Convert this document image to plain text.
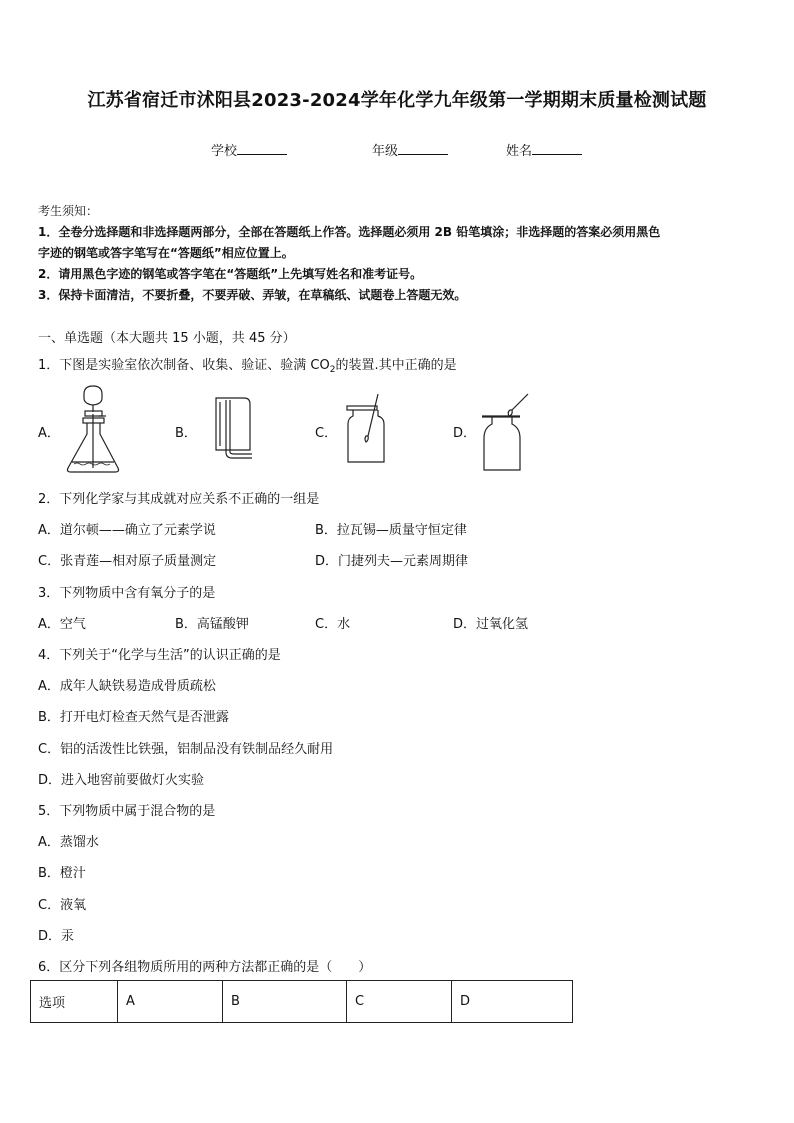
江苏省宿迁市沭阳县2023-2024学年化学九年级第一学期期末质量检测试题
学校	年级	姓名
考生须知：
1．全卷分选择题和非选择题两部分，全部在答题纸上作答。选择题必须用 2B 铅笔填涂；非选择题的答案必须用黑色
字迹的钢笔或答字笔写在“答题纸”相应位置上。
2．请用黑色字迹的钢笔或答字笔在“答题纸”上先填写姓名和准考证号。
3．保持卡面清洁，不要折叠，不要弄破、弄皱，在草稿纸、试题卷上答题无效。
一、单选题（本大题共 15 小题，共 45 分）
1．下图是实验室依次制备、收集、验证、验满 $CO_2$的装置.其中正确的是
A．	B．	C．	D．
2．下列化学家与其成就对应关系不正确的一组是
A．道尔顿——确立了元素学说	B．拉瓦锡—质量守恒定律
C．张青莲—相对原子质量测定	D．门捷列夫—元素周期律
3．下列物质中含有氧分子的是
A．空气	B．高锰酸钾	C．水	D．过氧化氢
4．下列关于“化学与生活”的认识正确的是
A．成年人缺铁易造成骨质疏松
B．打开电灯检查天然气是否泄露
C．铝的活泼性比铁强，铝制品没有铁制品经久耐用
D．进入地窖前要做灯火实验
5．下列物质中属于混合物的是
A．蒸馏水
B．橙汁
C．液氧
D．汞
6．区分下列各组物质所用的两种方法都正确的是（　　）
选项	A	B	C	D
